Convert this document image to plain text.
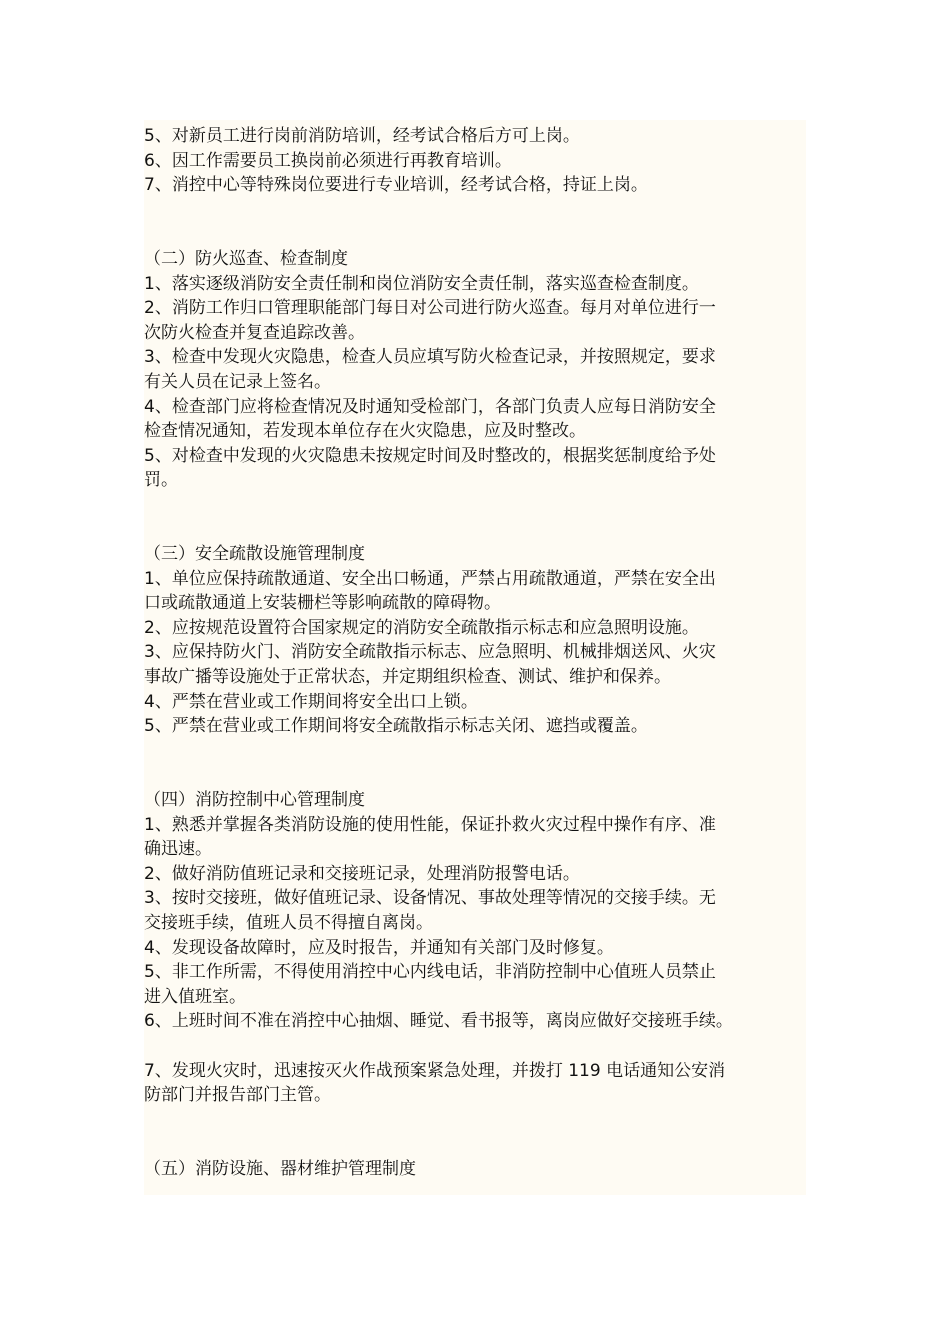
5、对新员工进行岗前消防培训，经考试合格后方可上岗。
6、因工作需要员工换岗前必须进行再教育培训。
7、消控中心等特殊岗位要进行专业培训，经考试合格，持证上岗。
（二）防火巡查、检查制度
1、落实逐级消防安全责任制和岗位消防安全责任制，落实巡查检查制度。
2、消防工作归口管理职能部门每日对公司进行防火巡查。每月对单位进行一
次防火检查并复查追踪改善。
3、检查中发现火灾隐患，检查人员应填写防火检查记录，并按照规定，要求
有关人员在记录上签名。
4、检查部门应将检查情况及时通知受检部门，各部门负责人应每日消防安全
检查情况通知，若发现本单位存在火灾隐患，应及时整改。
5、对检查中发现的火灾隐患未按规定时间及时整改的，根据奖惩制度给予处
罚。
（三）安全疏散设施管理制度
1、单位应保持疏散通道、安全出口畅通，严禁占用疏散通道，严禁在安全出
口或疏散通道上安装栅栏等影响疏散的障碍物。
2、应按规范设置符合国家规定的消防安全疏散指示标志和应急照明设施。
3、应保持防火门、消防安全疏散指示标志、应急照明、机械排烟送风、火灾
事故广播等设施处于正常状态，并定期组织检查、测试、维护和保养。
4、严禁在营业或工作期间将安全出口上锁。
5、严禁在营业或工作期间将安全疏散指示标志关闭、遮挡或覆盖。
（四）消防控制中心管理制度
1、熟悉并掌握各类消防设施的使用性能，保证扑救火灾过程中操作有序、准
确迅速。
2、做好消防值班记录和交接班记录，处理消防报警电话。
3、按时交接班，做好值班记录、设备情况、事故处理等情况的交接手续。无
交接班手续，值班人员不得擅自离岗。
4、发现设备故障时，应及时报告，并通知有关部门及时修复。
5、非工作所需，不得使用消控中心内线电话，非消防控制中心值班人员禁止
进入值班室。
6、上班时间不准在消控中心抽烟、睡觉、看书报等，离岗应做好交接班手续。
7、发现火灾时，迅速按灭火作战预案紧急处理，并拨打 119 电话通知公安消
防部门并报告部门主管。
（五）消防设施、器材维护管理制度
